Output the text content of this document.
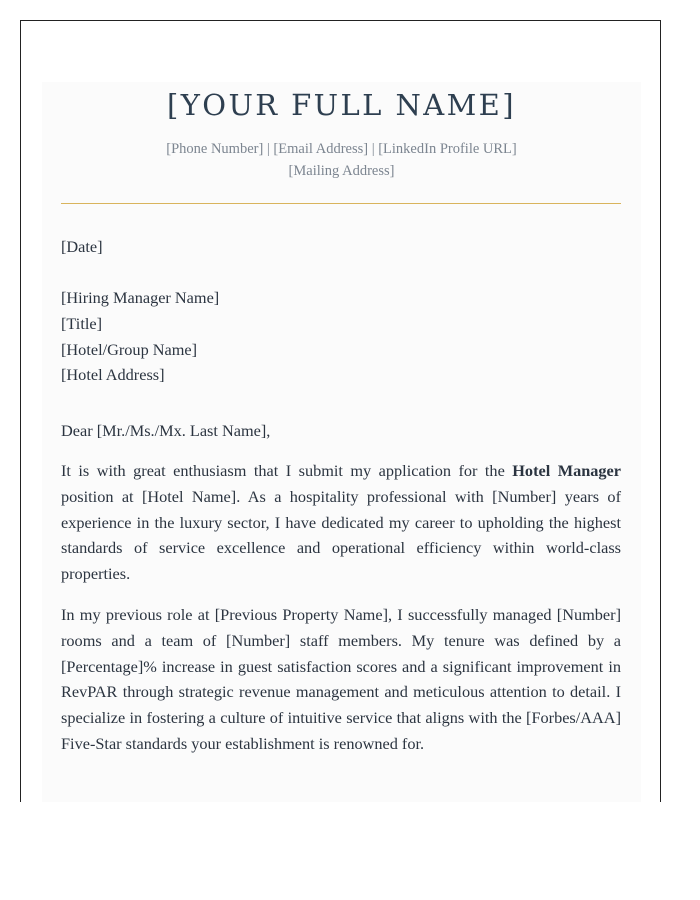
[YOUR FULL NAME]
[Phone Number] | [Email Address] | [LinkedIn Profile URL]
[Mailing Address]
[Date]
[Hiring Manager Name]
[Title]
[Hotel/Group Name]
[Hotel Address]
Dear [Mr./Ms./Mx. Last Name],
It is with great enthusiasm that I submit my application for the Hotel Manager position at [Hotel Name]. As a hospitality professional with [Number] years of experience in the luxury sector, I have dedicated my career to upholding the highest standards of service excellence and operational efficiency within world-class properties.
In my previous role at [Previous Property Name], I successfully managed [Number] rooms and a team of [Number] staff members. My tenure was defined by a [Percentage]% increase in guest satisfaction scores and a significant improvement in RevPAR through strategic revenue management and meticulous attention to detail. I specialize in fostering a culture of intuitive service that aligns with the [Forbes/AAA] Five-Star standards your establishment is renowned for.
